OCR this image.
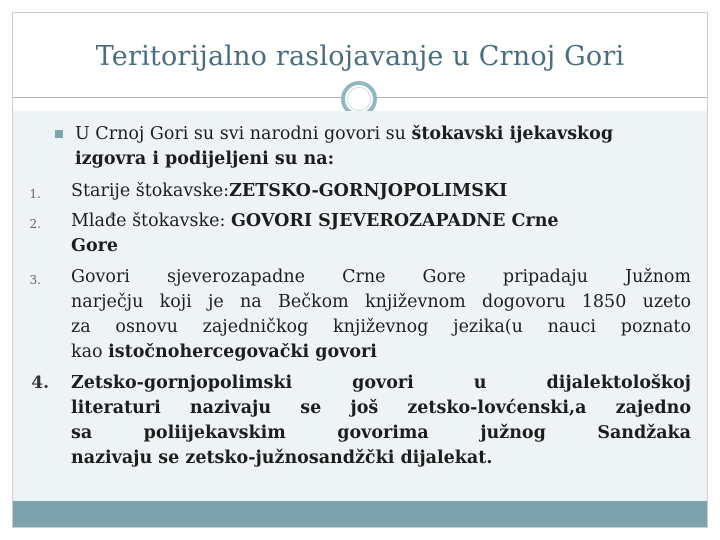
Teritorijalno raslojavanje u Crnoj Gori
U Crnoj Gori su svi narodni govori su štokavski ijekavskog
izgovra i podijeljeni su na:
1. Starije štokavske:ZETSKO-GORNJOPOLIMSKI
2. Mlađe štokavske: GOVORI SJEVEROZAPADNE Crne
Gore
3. Govori sjeverozapadne Crne Gore pripadaju Južnom
narječju koji je na Bečkom književnom dogovoru 1850 uzeto
za osnovu zajedničkog književnog jezika(u nauci poznato
kao istočnohercegovački govori
4. Zetsko-gornjopolimski govori u dijalektološkoj
literaturi nazivaju se još zetsko-lovćenski,a zajedno
sa poliijekavskim govorima južnog Sandžaka
nazivaju se zetsko-južnosandžčki dijalekat.
